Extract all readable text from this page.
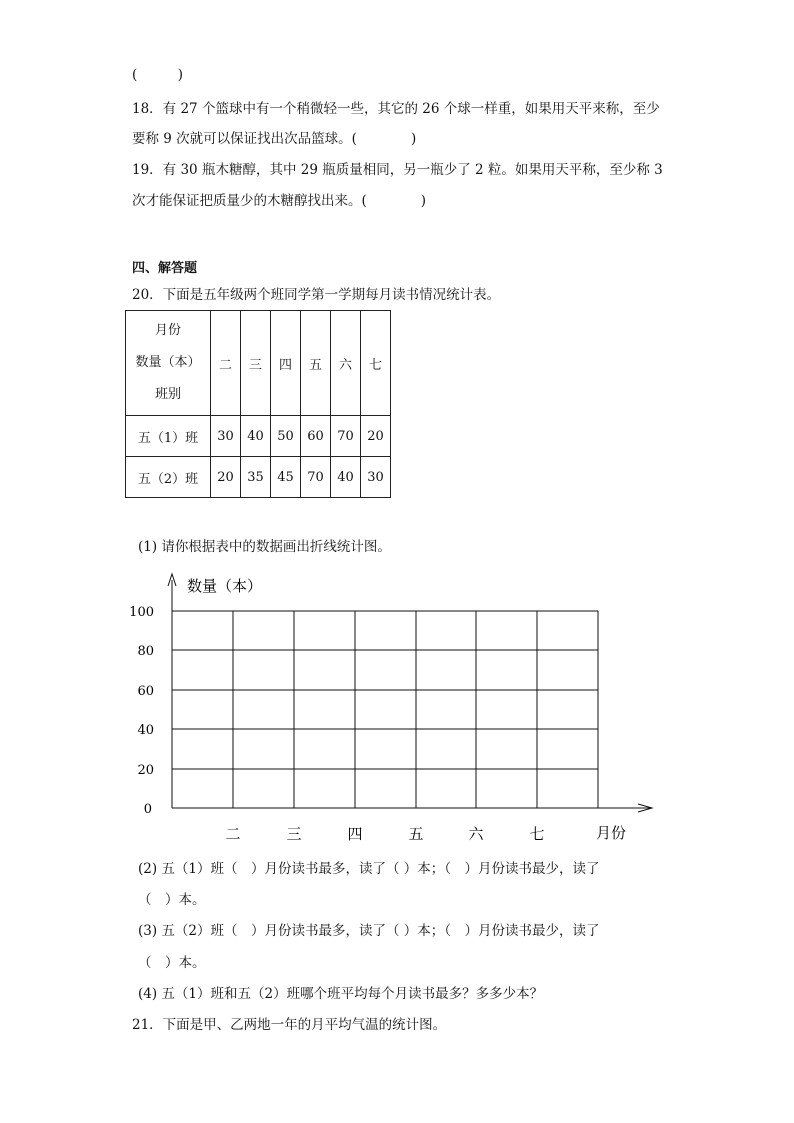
(　　　)
18．有 27 个篮球中有一个稍微轻一些，其它的 26 个球一样重，如果用天平来称，至少
要称 9 次就可以保证找出次品篮球。(　　　　)
19．有 30 瓶木糖醇，其中 29 瓶质量相同，另一瓶少了 2 粒。如果用天平称，至少称 3
次才能保证把质量少的木糖醇找出来。(　　　　)
四、解答题
20．下面是五年级两个班同学第一学期每月读书情况统计表。
月份
数量（本）
班别	二	三	四	五	六	七
五（1）班	30	40	50	60	70	20
五（2）班	20	35	45	70	40	30
(1) 请你根据表中的数据画出折线统计图。
数量（本）
月份
100
80
60
40
20
0
二	三	四	五	六	七
(2) 五（1）班（　）月份读书最多，读了（ ）本；（　）月份读书最少，读了
（　）本。
(3) 五（2）班（　）月份读书最多，读了（ ）本；（　）月份读书最少，读了
（　）本。
(4) 五（1）班和五（2）班哪个班平均每个月读书最多？多多少本？
21．下面是甲、乙两地一年的月平均气温的统计图。
